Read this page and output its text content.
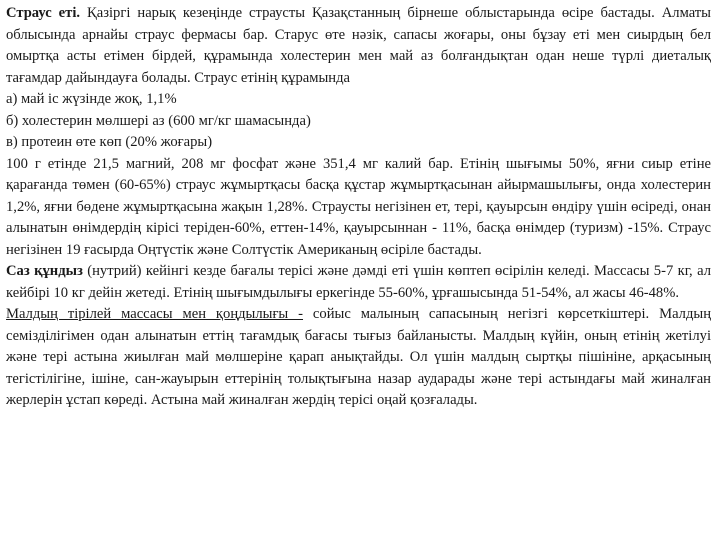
Страус еті. Қазіргі нарық кезеңінде страусты Қазақстанның бірнеше облыстарында өсіре бастады. Алматы облысында арнайы страус фермасы бар. Старус өте нәзік, сапасы жоғары, оны бұзау еті мен сиырдың бел омыртқа асты етімен бірдей, құрамында холестерин мен май аз болғандықтан одан неше түрлі диеталық тағамдар дайындауға болады. Страус етінің құрамында

а) май іс жүзінде жоқ, 1,1%

б) холестерин мөлшері аз (600 мг/кг шамасында)

в) протеин өте көп (20% жоғары)

100 г етінде 21,5 магний, 208 мг фосфат және 351,4 мг калий бар. Етінің шығымы 50%, яғни сиыр етіне қарағанда төмен (60-65%) страус жұмыртқасы басқа құстар жұмыртқасынан айырмашылығы, онда холестерин 1,2%, яғни бөдене жұмыртқасына жақын 1,28%. Страусты негізінен ет, тері, қауырсын өндіру үшін өсіреді, онан алынатын өнімдердің кірісі теріден-60%, еттен-14%, қауырсыннан - 11%, басқа өнімдер (туризм) -15%. Страус негізінен 19 ғасырда Оңтүстік және Солтүстік Американың өсіріле бастады.

Саз құндыз (нутрий) кейінгі кезде бағалы терісі және дәмді еті үшін көптеп өсірілін келеді. Массасы 5-7 кг, ал кейбірі 10 кг дейін жетеді. Етінің шығымдылығы еркегінде 55-60%, ұрғашысында 51-54%, ал жасы 46-48%.

Малдың тірілей массасы мен қоңдылығы - сойыс малының сапасының негізгі көрсеткіштері. Малдың семізділігімен одан алынатын еттің тағамдық бағасы тығыз байланысты. Малдың күйін, оның етінің жетілуі және тері астына жиылған май мөлшеріне қарап анықтайды. Ол үшін малдың сыртқы пішініне, арқасының тегістілігіне, ішіне, сан-жауырын еттерінің толықтығына назар аударады және тері астындағы май жиналған жерлерін ұстап көреді. Астына май жиналған жердің терісі оңай қозғалады.
